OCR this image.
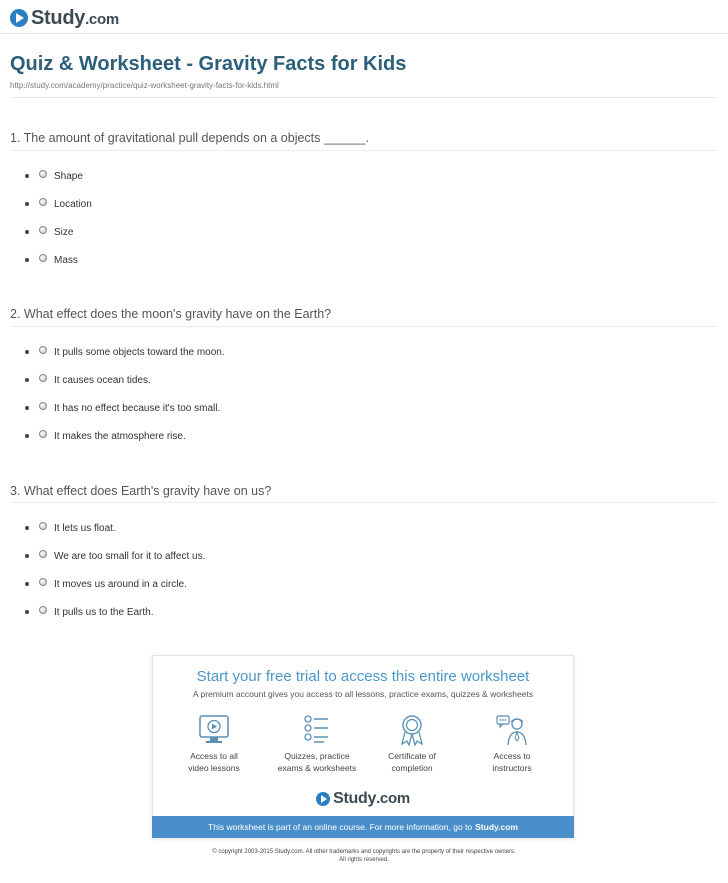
Study.com
Quiz & Worksheet - Gravity Facts for Kids
http://study.com/academy/practice/quiz-worksheet-gravity-facts-for-kids.html
1. The amount of gravitational pull depends on a objects ______.
Shape
Location
Size
Mass
2. What effect does the moon's gravity have on the Earth?
It pulls some objects toward the moon.
It causes ocean tides.
It has no effect because it's too small.
It makes the atmosphere rise.
3. What effect does Earth's gravity have on us?
It lets us float.
We are too small for it to affect us.
It moves us around in a circle.
It pulls us to the Earth.
Start your free trial to access this entire worksheet
A premium account gives you access to all lessons, practice exams, quizzes & worksheets
Access to all
video lessons
Quizzes, practice
exams & worksheets
Certificate of
completion
Access to
instructors
Study.com
This worksheet is part of an online course. For more information, go to Study.com
© copyright 2003-2015 Study.com. All other trademarks and copyrights are the property of their respective owners.
All rights reserved.
